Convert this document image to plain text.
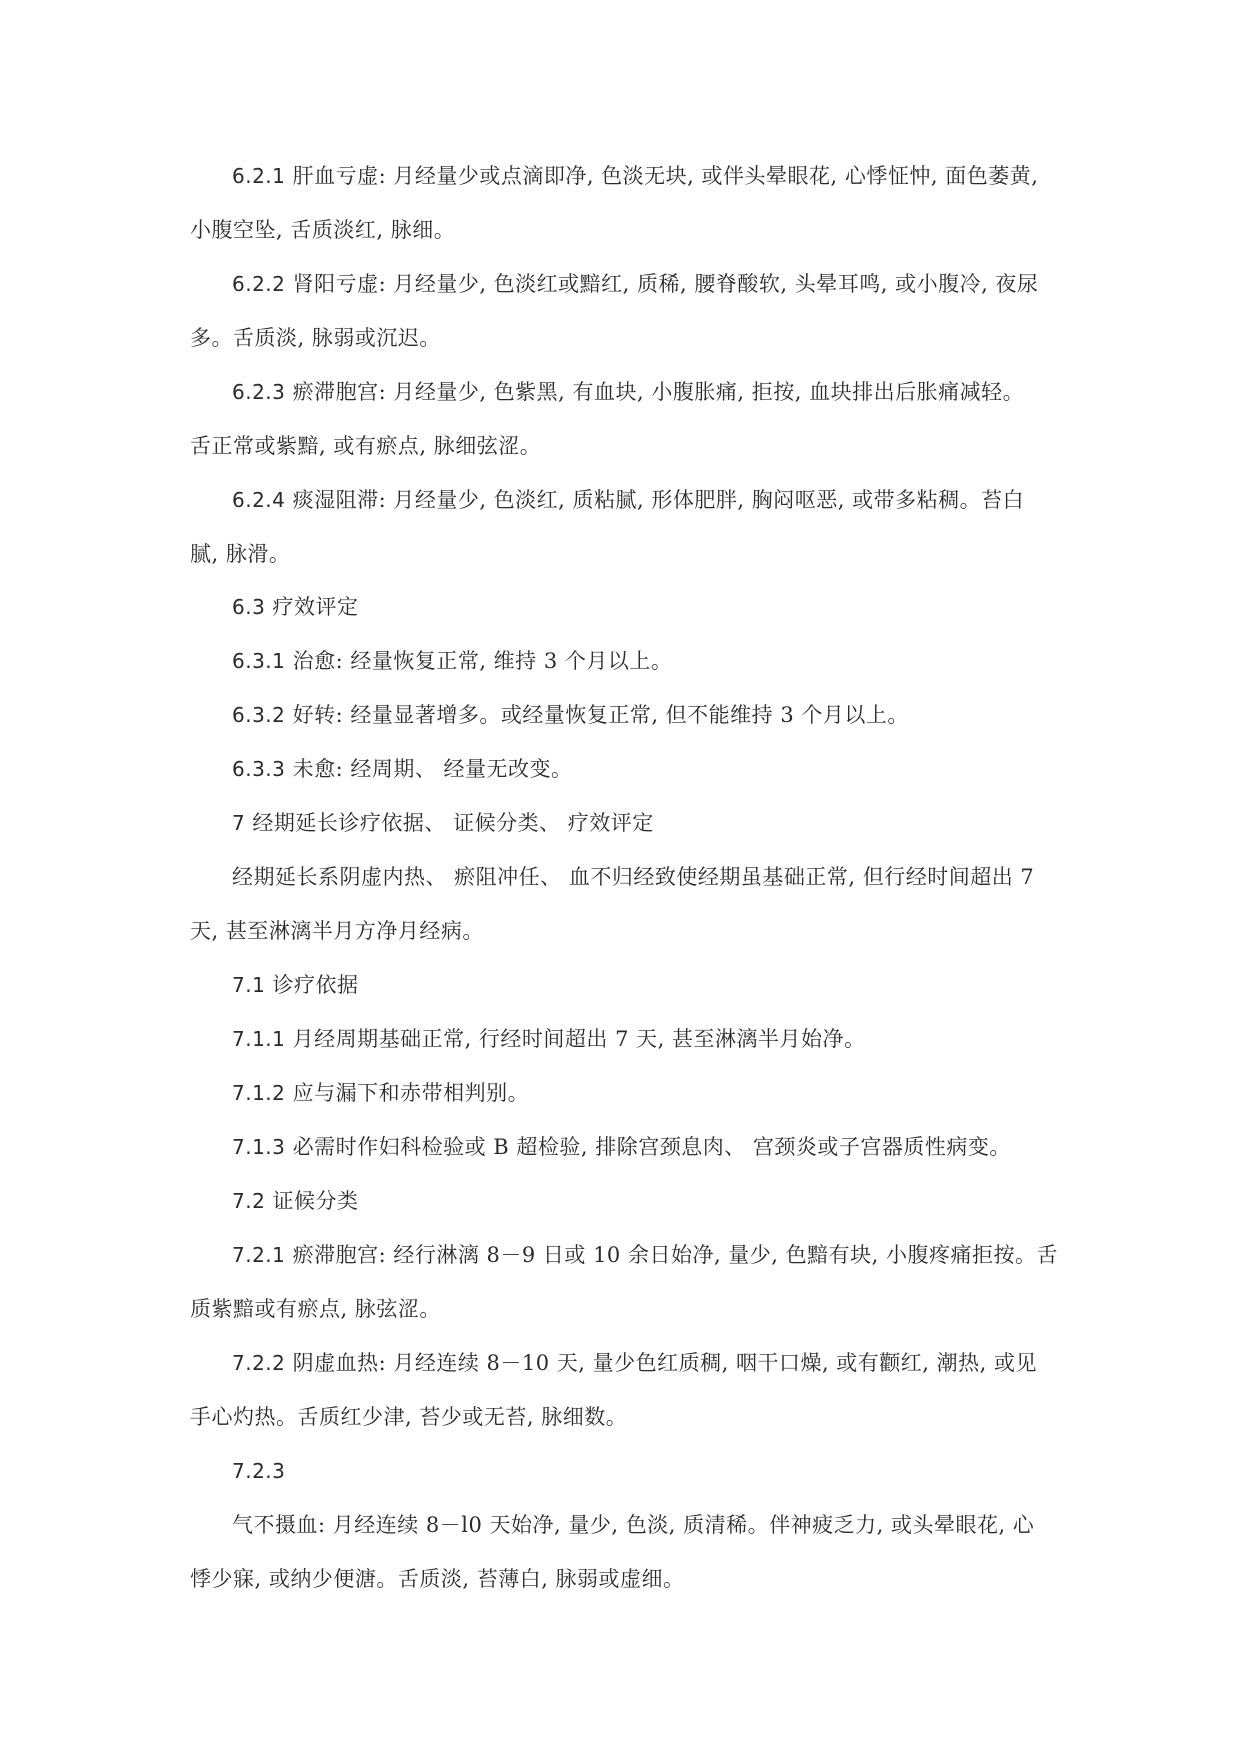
6.2.1 肝血亏虚: 月经量少或点滴即净, 色淡无块, 或伴头晕眼花, 心悸怔忡, 面色萎黄,
小腹空坠, 舌质淡红, 脉细。
6.2.2 肾阳亏虚: 月经量少, 色淡红或黯红, 质稀, 腰脊酸软, 头晕耳鸣, 或小腹冷, 夜尿
多。舌质淡, 脉弱或沉迟。
6.2.3 瘀滞胞宫: 月经量少, 色紫黑, 有血块, 小腹胀痛, 拒按, 血块排出后胀痛减轻。
舌正常或紫黯, 或有瘀点, 脉细弦涩。
6.2.4 痰湿阻滞: 月经量少, 色淡红, 质粘腻, 形体肥胖, 胸闷呕恶, 或带多粘稠。苔白
腻, 脉滑。
6.3 疗效评定
6.3.1 治愈: 经量恢复正常, 维持 3 个月以上。
6.3.2 好转: 经量显著增多。或经量恢复正常, 但不能维持 3 个月以上。
6.3.3 未愈: 经周期、 经量无改变。
7 经期延长诊疗依据、 证候分类、 疗效评定
经期延长系阴虚内热、 瘀阻冲任、 血不归经致使经期虽基础正常, 但行经时间超出 7
天, 甚至淋漓半月方净月经病。
7.1 诊疗依据
7.1.1 月经周期基础正常, 行经时间超出 7 天, 甚至淋漓半月始净。
7.1.2 应与漏下和赤带相判别。
7.1.3 必需时作妇科检验或 B 超检验, 排除宫颈息肉、 宫颈炎或子宫器质性病变。
7.2 证候分类
7.2.1 瘀滞胞宫: 经行淋漓 8－9 日或 10 余日始净, 量少, 色黯有块, 小腹疼痛拒按。舌
质紫黯或有瘀点, 脉弦涩。
7.2.2 阴虚血热: 月经连续 8－10 天, 量少色红质稠, 咽干口燥, 或有颧红, 潮热, 或见
手心灼热。舌质红少津, 苔少或无苔, 脉细数。
7.2.3
气不摄血: 月经连续 8－l0 天始净, 量少, 色淡, 质清稀。伴神疲乏力, 或头晕眼花, 心
悸少寐, 或纳少便溏。舌质淡, 苔薄白, 脉弱或虚细。
